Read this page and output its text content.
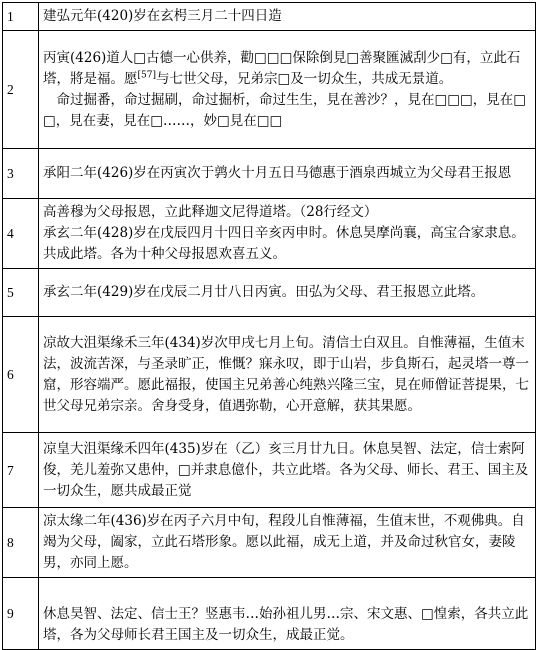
1	建弘元年(420)岁在玄枵三月二十四日造

2	丙寅(426)道人□古德一心供养，勸□□□保除倒見□善聚匯滅刮少□有，立此石塔，將是福。愿[57]与七世父母，兄弟宗□及一切众生，共成无景道。

命过掘番，命过掘刷，命过掘析，命过生生，見在善沙？，見在□□□，見在□□，見在妻，見在□……，妙□見在□□

3	承阳二年(426)岁在丙寅次于鹑火十月五日马德惠于酒泉西城立为父母君王报恩

4	高善穆为父母报恩，立此释迦文尼得道塔。（28行经文）

承玄二年(428)岁在戊辰四月十四日辛亥丙申时。休息昊摩尚襄，高宝合家隶息。共成此塔。各为十种父母报恩欢喜五义。

5	承玄二年(429)岁在戊辰二月廿八日丙寅。田弘为父母、君王报恩立此塔。

6	凉故大沮渠缘禾三年(434)岁次甲戌七月上旬。清信士白双且。自惟薄福，生值末法，波流苦深，与圣录旷正，惟慨？寐永叹，即于山岩，步負斯石，起灵塔一尊一窟，形容端严。愿此福报，使国主兄弟善心纯熟兴隆三宝，見在师僧证菩提果，七世父母兄弟宗亲。舍身受身，值遇弥勒，心开意解，获其果愿。

7	凉皇大沮渠缘禾四年(435)岁在（乙）亥三月廿九日。休息昊智、法定，信士索阿俊，羌儿羞弥又患仲，□并隶息億仆，共立此塔。各为父母、师长、君王、国主及一切众生，愿共成最正觉

8	凉太缘二年(436)岁在丙子六月中旬，程段儿自惟薄福，生值末世，不观佛典。自竭为父母，阖家，立此石塔形象。愿以此福，成无上道，并及命过秋官女，妻陵男，亦同上愿。

9	休息昊智、法定、信士王？竖惠韦…始孙祖儿男…宗、宋文惠、□惶索，各共立此塔，各为父母师长君王国主及一切众生，成最正觉。
